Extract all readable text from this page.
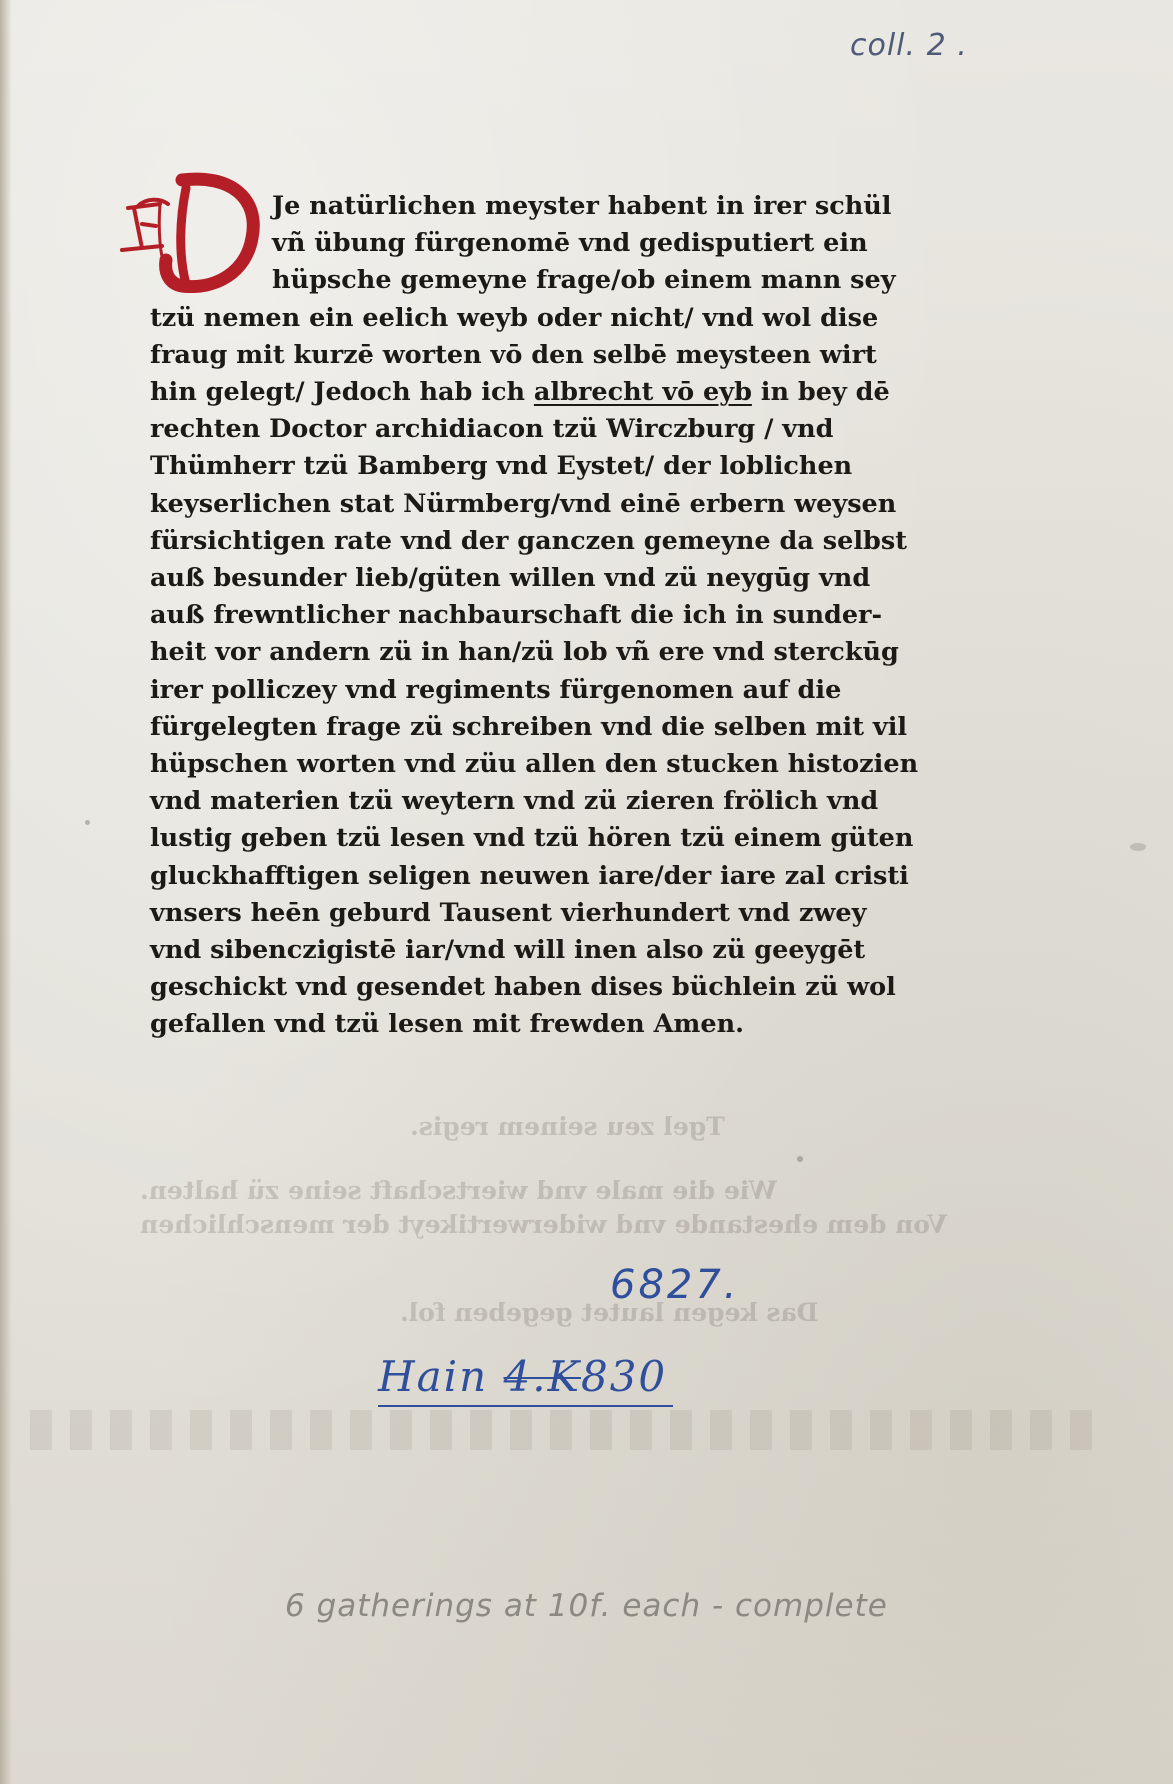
coll. 2 .
Tgel zeu seinem regis.
Wie die male vnd wiertschaft seine zü halten.
Von dem ehestande vnd widerwertikeyt der menschlichen
Das kegen lautet gegeben fol.
Je natürlichen meyster habent in irer schül
vñ übung fürgenomē vnd gedisputiert ein
hüpsche gemeyne frage/ob einem mann sey
tzü nemen ein eelich weyb oder nicht/ vnd wol dise
fraug mit kurzē worten vō den selbē meysteen wirt
hin gelegt/ Jedoch hab ich albrecht vō eyb in bey dē
rechten Doctor archidiacon tzü Wirczburg / vnd
Thümherr tzü Bamberg vnd Eystet/ der loblichen
keyserlichen stat Nürmberg/vnd einē erbern weysen
fürsichtigen rate vnd der ganczen gemeyne da selbst
auß besunder lieb/güten willen vnd zü neygūg vnd
auß frewntlicher nachbaurschaft die ich in sunder-
heit vor andern zü in han/zü lob vñ ere vnd sterckūg
irer polliczey vnd regiments fürgenomen auf die
fürgelegten frage zü schreiben vnd die selben mit vil
hüpschen worten vnd züu allen den stucken histozien
vnd materien tzü weytern vnd zü zieren frölich vnd
lustig geben tzü lesen vnd tzü hören tzü einem güten
gluckhafftigen seligen neuwen iare/der iare zal cristi
vnsers heēn geburd Tausent vierhundert vnd zwey
vnd sibenczigistē iar/vnd will inen also zü geeygēt
geschickt vnd gesendet haben dises büchlein zü wol
gefallen vnd tzü lesen mit frewden Amen.
6827.
Hain 4.K830
6 gatherings at 10f. each - complete
